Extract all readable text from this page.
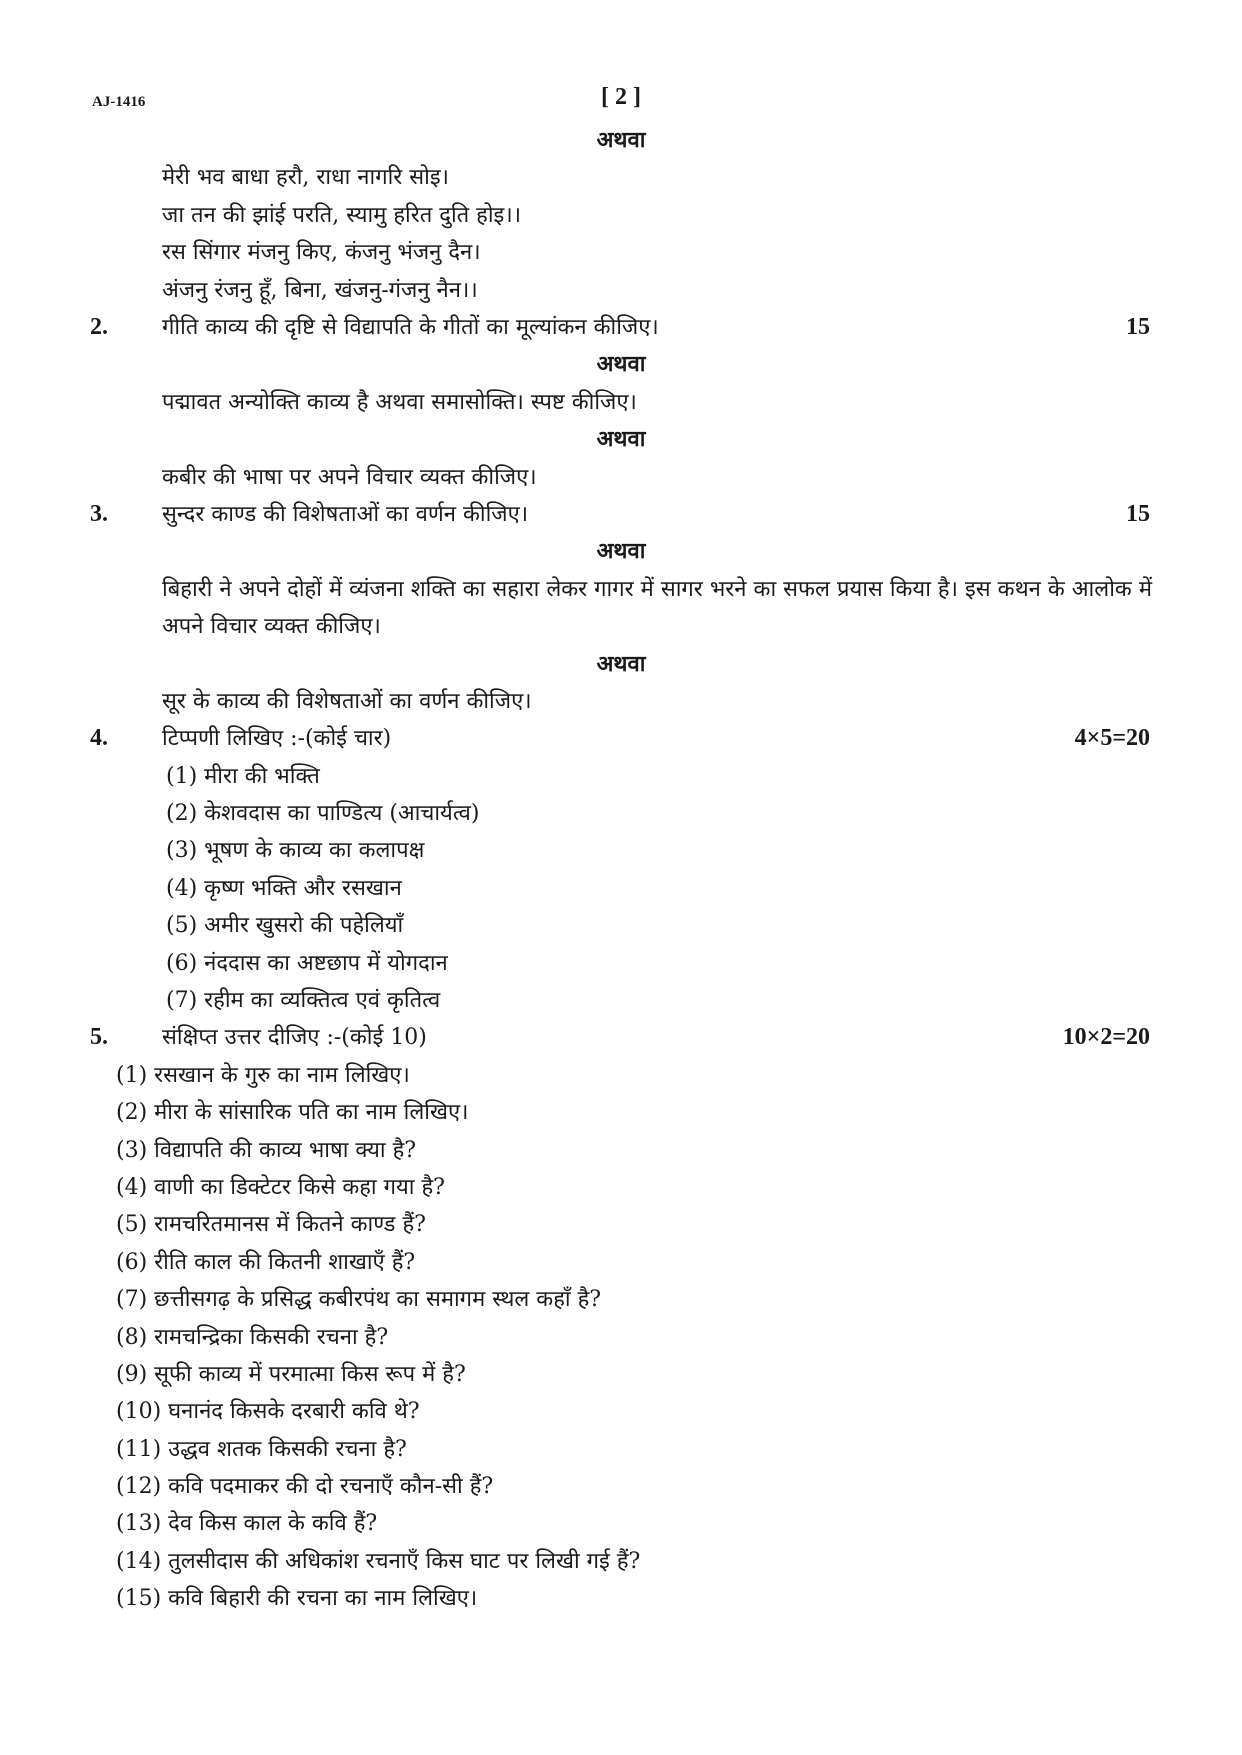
AJ-1416	[ 2 ]
अथवा
मेरी भव बाधा हरौ, राधा नागरि सोइ।
जा तन की झांई परति, स्यामु हरित दुति होइ।।
रस सिंगार मंजनु किए, कंजनु भंजनु दैन।
अंजनु रंजनु हूँ, बिना, खंजनु-गंजनु नैन।।
2. गीति काव्य की दृष्टि से विद्यापति के गीतों का मूल्यांकन कीजिए।	15
अथवा
पद्मावत अन्योक्ति काव्य है अथवा समासोक्ति। स्पष्ट कीजिए।
अथवा
कबीर की भाषा पर अपने विचार व्यक्त कीजिए।
3. सुन्दर काण्ड की विशेषताओं का वर्णन कीजिए।	15
अथवा
बिहारी ने अपने दोहों में व्यंजना शक्ति का सहारा लेकर गागर में सागर भरने का सफल प्रयास किया है। इस कथन के आलोक में अपने विचार व्यक्त कीजिए।
अथवा
सूर के काव्य की विशेषताओं का वर्णन कीजिए।
4. टिप्पणी लिखिए :-(कोई चार)	4×5=20
(1) मीरा की भक्ति
(2) केशवदास का पाण्डित्य (आचार्यत्व)
(3) भूषण के काव्य का कलापक्ष
(4) कृष्ण भक्ति और रसखान
(5) अमीर खुसरो की पहेलियाँ
(6) नंददास का अष्टछाप में योगदान
(7) रहीम का व्यक्तित्व एवं कृतित्व
5. संक्षिप्त उत्तर दीजिए :-(कोई 10)	10×2=20
(1) रसखान के गुरु का नाम लिखिए।
(2) मीरा के सांसारिक पति का नाम लिखिए।
(3) विद्यापति की काव्य भाषा क्या है?
(4) वाणी का डिक्टेटर किसे कहा गया है?
(5) रामचरितमानस में कितने काण्ड हैं?
(6) रीति काल की कितनी शाखाएँ हैं?
(7) छत्तीसगढ़ के प्रसिद्ध कबीरपंथ का समागम स्थल कहाँ है?
(8) रामचन्द्रिका किसकी रचना है?
(9) सूफी काव्य में परमात्मा किस रूप में है?
(10) घनानंद किसके दरबारी कवि थे?
(11) उद्धव शतक किसकी रचना है?
(12) कवि पदमाकर की दो रचनाएँ कौन-सी हैं?
(13) देव किस काल के कवि हैं?
(14) तुलसीदास की अधिकांश रचनाएँ किस घाट पर लिखी गई हैं?
(15) कवि बिहारी की रचना का नाम लिखिए।
